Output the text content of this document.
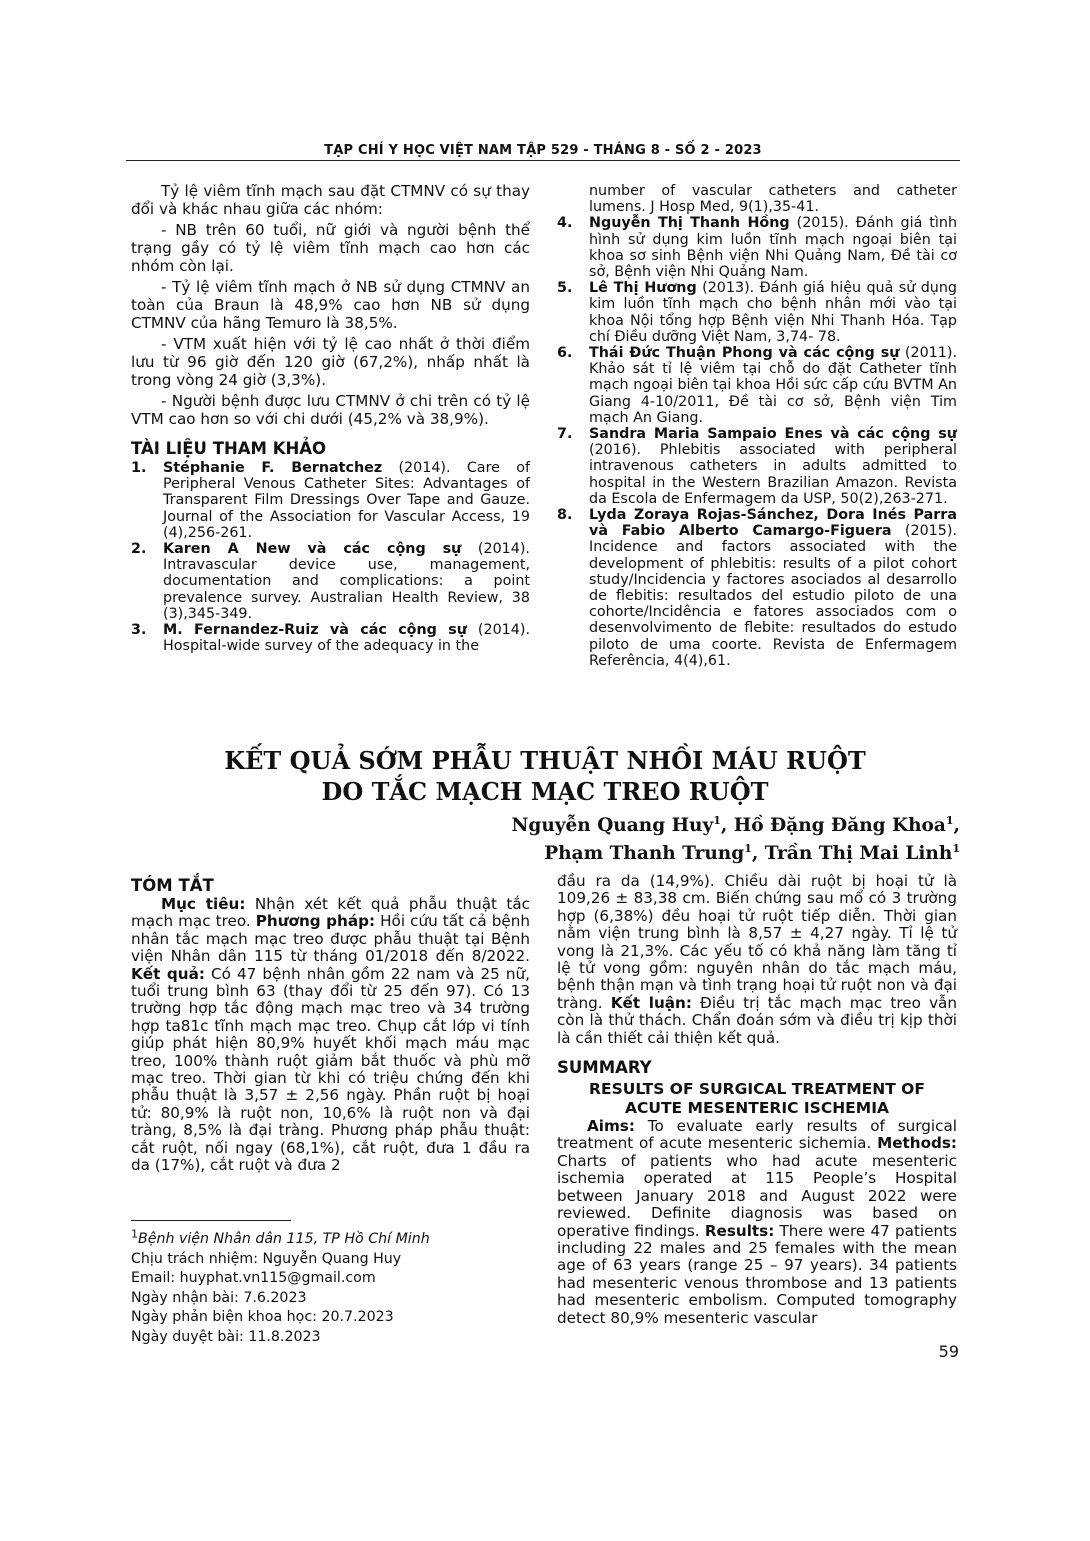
TẠP CHÍ Y HỌC VIỆT NAM TẬP 529 - THÁNG 8 - SỐ 2 - 2023

Tỷ lệ viêm tĩnh mạch sau đặt CTMNV có sự thay đổi và khác nhau giữa các nhóm:

- NB trên 60 tuổi, nữ giới và người bệnh thể trạng gầy có tỷ lệ viêm tĩnh mạch cao hơn các nhóm còn lại.

- Tỷ lệ viêm tĩnh mạch ở NB sử dụng CTMNV an toàn của Braun là 48,9% cao hơn NB sử dụng CTMNV của hãng Temuro là 38,5%.

- VTM xuất hiện với tỷ lệ cao nhất ở thời điểm lưu từ 96 giờ đến 120 giờ (67,2%), nhấp nhất là trong vòng 24 giờ (3,3%).

- Người bệnh được lưu CTMNV ở chi trên có tỷ lệ VTM cao hơn so với chi dưới (45,2% và 38,9%).

TÀI LIỆU THAM KHẢO

1.	Stéphanie F. Bernatchez (2014). Care of Peripheral Venous Catheter Sites: Advantages of Transparent Film Dressings Over Tape and Gauze. Journal of the Association for Vascular Access, 19 (4),256-261.
2.	Karen A New và các cộng sự (2014). Intravascular device use, management, documentation and complications: a point prevalence survey. Australian Health Review, 38 (3),345-349.
3.	M. Fernandez-Ruiz và các cộng sự (2014). Hospital-wide survey of the adequacy in the
number of vascular catheters and catheter lumens. J Hosp Med, 9(1),35-41.
4.	Nguyễn Thị Thanh Hồng (2015). Đánh giá tình hình sử dụng kim luồn tĩnh mạch ngoại biên tại khoa sơ sinh Bệnh viện Nhi Quảng Nam, Đề tài cơ sở, Bệnh viện Nhi Quảng Nam.
5.	Lê Thị Hương (2013). Đánh giá hiệu quả sử dụng kim luồn tĩnh mạch cho bệnh nhân mới vào tại khoa Nội tổng hợp Bệnh viện Nhi Thanh Hóa. Tạp chí Điều dưỡng Việt Nam, 3,74- 78.
6.	Thái Đức Thuận Phong và các cộng sự (2011). Khảo sát tỉ lệ viêm tại chỗ do đặt Catheter tĩnh mạch ngoại biên tại khoa Hồi sức cấp cứu BVTM An Giang 4-10/2011, Đề tài cơ sở, Bệnh viện Tim mạch An Giang.
7.	Sandra Maria Sampaio Enes và các cộng sự (2016). Phlebitis associated with peripheral intravenous catheters in adults admitted to hospital in the Western Brazilian Amazon. Revista da Escola de Enfermagem da USP, 50(2),263-271.
8.	Lyda Zoraya Rojas-Sánchez, Dora Inés Parra và Fabio Alberto Camargo-Figuera (2015). Incidence and factors associated with the development of phlebitis: results of a pilot cohort study/Incidencia y factores asociados al desarrollo de flebitis: resultados del estudio piloto de una cohorte/Incidência e fatores associados com o desenvolvimento de flebite: resultados do estudo piloto de uma coorte. Revista de Enfermagem Referência, 4(4),61.
KẾT QUẢ SỚM PHẪU THUẬT NHỒI MÁU RUỘT
DO TẮC MẠCH MẠC TREO RUỘT
Nguyễn Quang Huy$^1$, Hồ Đặng Đăng Khoa$^1$,
Phạm Thanh Trung$^1$, Trần Thị Mai Linh$^1$

TÓM TẮT

Mục tiêu: Nhận xét kết quả phẫu thuật tắc mạch mạc treo. Phương pháp: Hồi cứu tất cả bệnh nhân tắc mạch mạc treo được phẫu thuật tại Bệnh viện Nhân dân 115 từ tháng 01/2018 đến 8/2022. Kết quả: Có 47 bệnh nhân gồm 22 nam và 25 nữ, tuổi trung bình 63 (thay đổi từ 25 đến 97). Có 13 trường hợp tắc động mạch mạc treo và 34 trường hợp ta81c tĩnh mạch mạc treo. Chụp cắt lớp vi tính giúp phát hiện 80,9% huyết khối mạch máu mạc treo, 100% thành ruột giảm bắt thuốc và phù mỡ mạc treo. Thời gian từ khi có triệu chứng đến khi phẫu thuật là 3,57 ± 2,56 ngày. Phần ruột bị hoại tử: 80,9% là ruột non, 10,6% là ruột non và đại tràng, 8,5% là đại tràng. Phương pháp phẫu thuật: cắt ruột, nối ngay (68,1%), cắt ruột, đưa 1 đầu ra da (17%), cắt ruột và đưa 2

đầu ra da (14,9%). Chiều dài ruột bị hoại tử là 109,26 ± 83,38 cm. Biến chứng sau mổ có 3 trường hợp (6,38%) đều hoại tử ruột tiếp diễn. Thời gian nằm viện trung bình là 8,57 ± 4,27 ngày. Tỉ lệ tử vong là 21,3%. Các yếu tố có khả năng làm tăng tỉ lệ tử vong gồm: nguyên nhân do tắc mạch máu, bệnh thận mạn và tình trạng hoại tử ruột non và đại tràng. Kết luận: Điều trị tắc mạch mạc treo vẫn còn là thử thách. Chẩn đoán sớm và điều trị kịp thời là cần thiết cải thiện kết quả.

SUMMARY

RESULTS OF SURGICAL TREATMENT OF
ACUTE MESENTERIC ISCHEMIA

Aims: To evaluate early results of surgical treatment of acute mesenteric sichemia. Methods: Charts of patients who had acute mesenteric ischemia operated at 115 People’s Hospital between January 2018 and August 2022 were reviewed. Definite diagnosis was based on operative findings. Results: There were 47 patients including 22 males and 25 females with the mean age of 63 years (range 25 – 97 years). 34 patients had mesenteric venous thrombose and 13 patients had mesenteric embolism. Computed tomography detect 80,9% mesenteric vascular

$^1$Bệnh viện Nhân dân 115, TP Hồ Chí Minh
Chịu trách nhiệm: Nguyễn Quang Huy
Email: huyphat.vn115@gmail.com
Ngày nhận bài: 7.6.2023
Ngày phản biện khoa học: 20.7.2023
Ngày duyệt bài: 11.8.2023
59
